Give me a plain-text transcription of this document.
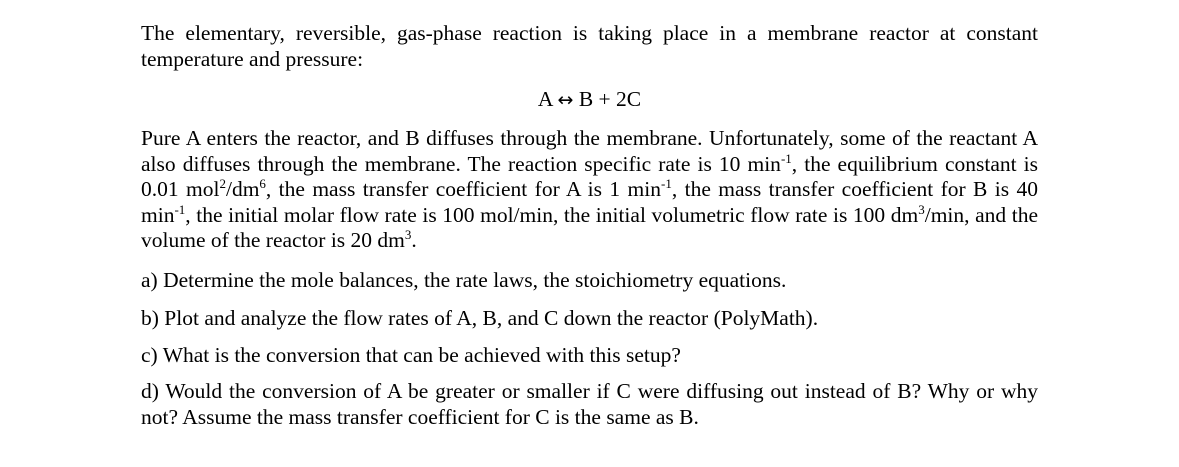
The elementary, reversible, gas-phase reaction is taking place in a membrane reactor at constant temperature and pressure:

A ↔ B + 2C

Pure A enters the reactor, and B diffuses through the membrane. Unfortunately, some of the reactant A also diffuses through the membrane. The reaction specific rate is 10 $\min^{-1}$, the equilibrium constant is 0.01 $mol^2/dm^6$, the mass transfer coefficient for A is 1 $\min^{-1}$, the mass transfer coefficient for B is 40 $\min^{-1}$, the initial molar flow rate is 100 mol/min, the initial volumetric flow rate is 100 $dm^3/\min$, and the volume of the reactor is 20 $dm^3$.

a) Determine the mole balances, the rate laws, the stoichiometry equations.

b) Plot and analyze the flow rates of A, B, and C down the reactor (PolyMath).

c) What is the conversion that can be achieved with this setup?

d) Would the conversion of A be greater or smaller if C were diffusing out instead of B? Why or why not? Assume the mass transfer coefficient for C is the same as B.
